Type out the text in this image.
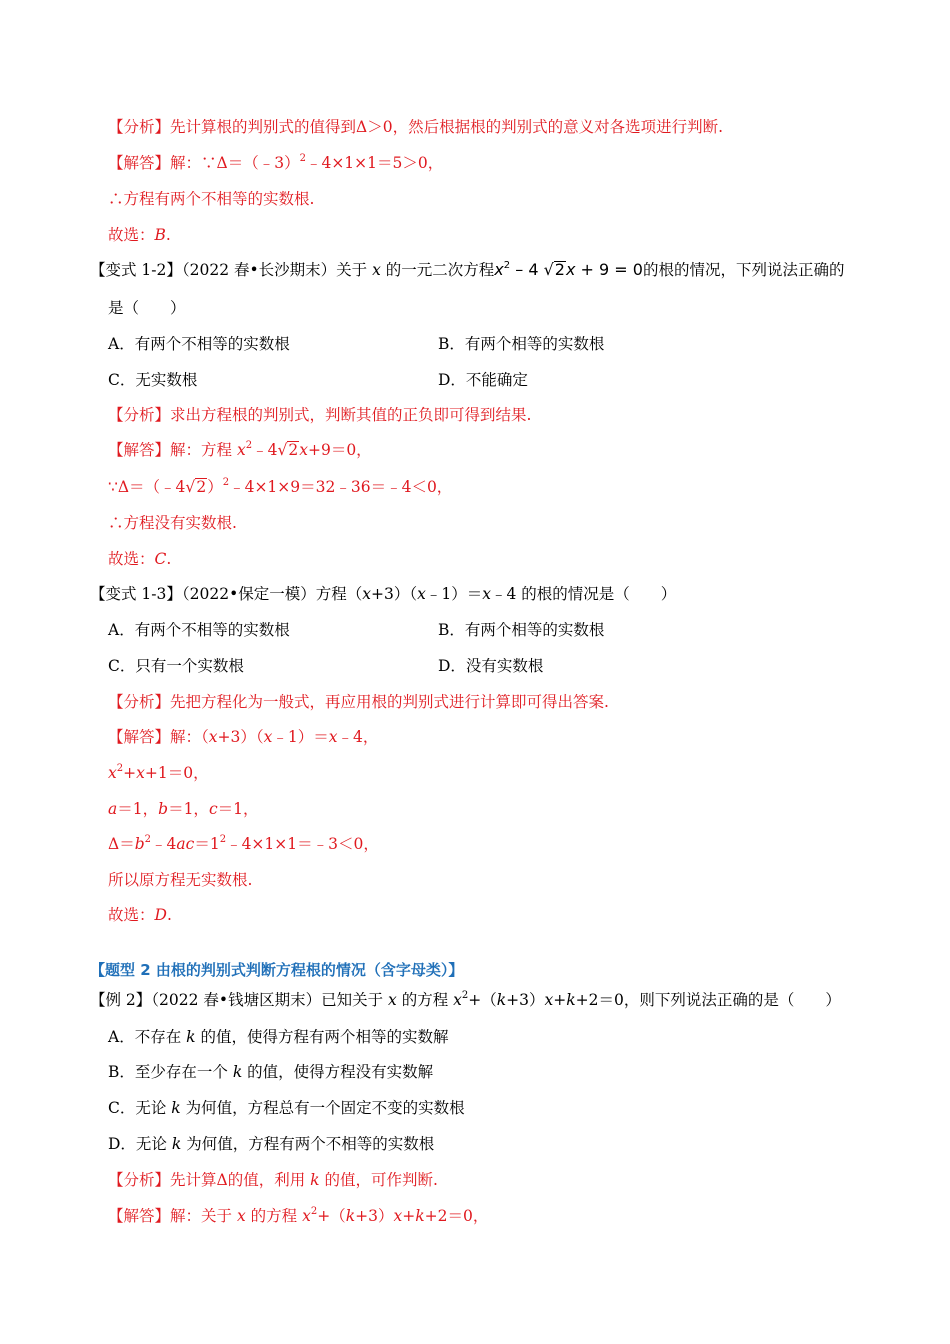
【分析】先计算根的判别式的值得到Δ＞0，然后根据根的判别式的意义对各选项进行判断.
【解答】解：∵Δ＝（﹣3）$^2$﹣4×1×1＝5＞0，
∴方程有两个不相等的实数根.
故选：B.
【变式 1-2】（2022 春•长沙期末）关于 x 的一元二次方程$x^2 - 4$ √2x + 9 = 0的根的情况，下列说法正确的
是（　　）
A．有两个不相等的实数根	B．有两个相等的实数根
C．无实数根	D．不能确定
【分析】求出方程根的判别式，判断其值的正负即可得到结果.
【解答】解：方程 $x^2﹣4√2x+9=0$，
∵Δ＝（﹣4√2）$^2$﹣4×1×9＝32﹣36＝﹣4＜0，
∴方程没有实数根.
故选：C.
【变式 1-3】（2022•保定一模）方程（x+3）（x﹣1）＝x﹣4 的根的情况是（　　）
A．有两个不相等的实数根	B．有两个相等的实数根
C．只有一个实数根	D．没有实数根
【分析】先把方程化为一般式，再应用根的判别式进行计算即可得出答案.
【解答】解：（x+3）（x﹣1）＝x﹣4，
$x^2+x+1=0$，
a＝1，b＝1，c＝1，
$\Delta=b^2﹣4ac=1^2﹣4\times 1\times 1=﹣3<0$，
所以原方程无实数根.
故选：D.
【题型 2 由根的判别式判断方程根的情况（含字母类）】
【例 2】（2022 春•钱塘区期末）已知关于 x 的方程 $x^2+(k+3)x+k+2=0$，则下列说法正确的是（　　）
A．不存在 k 的值，使得方程有两个相等的实数解
B．至少存在一个 k 的值，使得方程没有实数解
C．无论 k 为何值，方程总有一个固定不变的实数根
D．无论 k 为何值，方程有两个不相等的实数根
【分析】先计算Δ的值，利用 k 的值，可作判断.
【解答】解：关于 x 的方程 $x^2+(k+3)x+k+2=0$，
